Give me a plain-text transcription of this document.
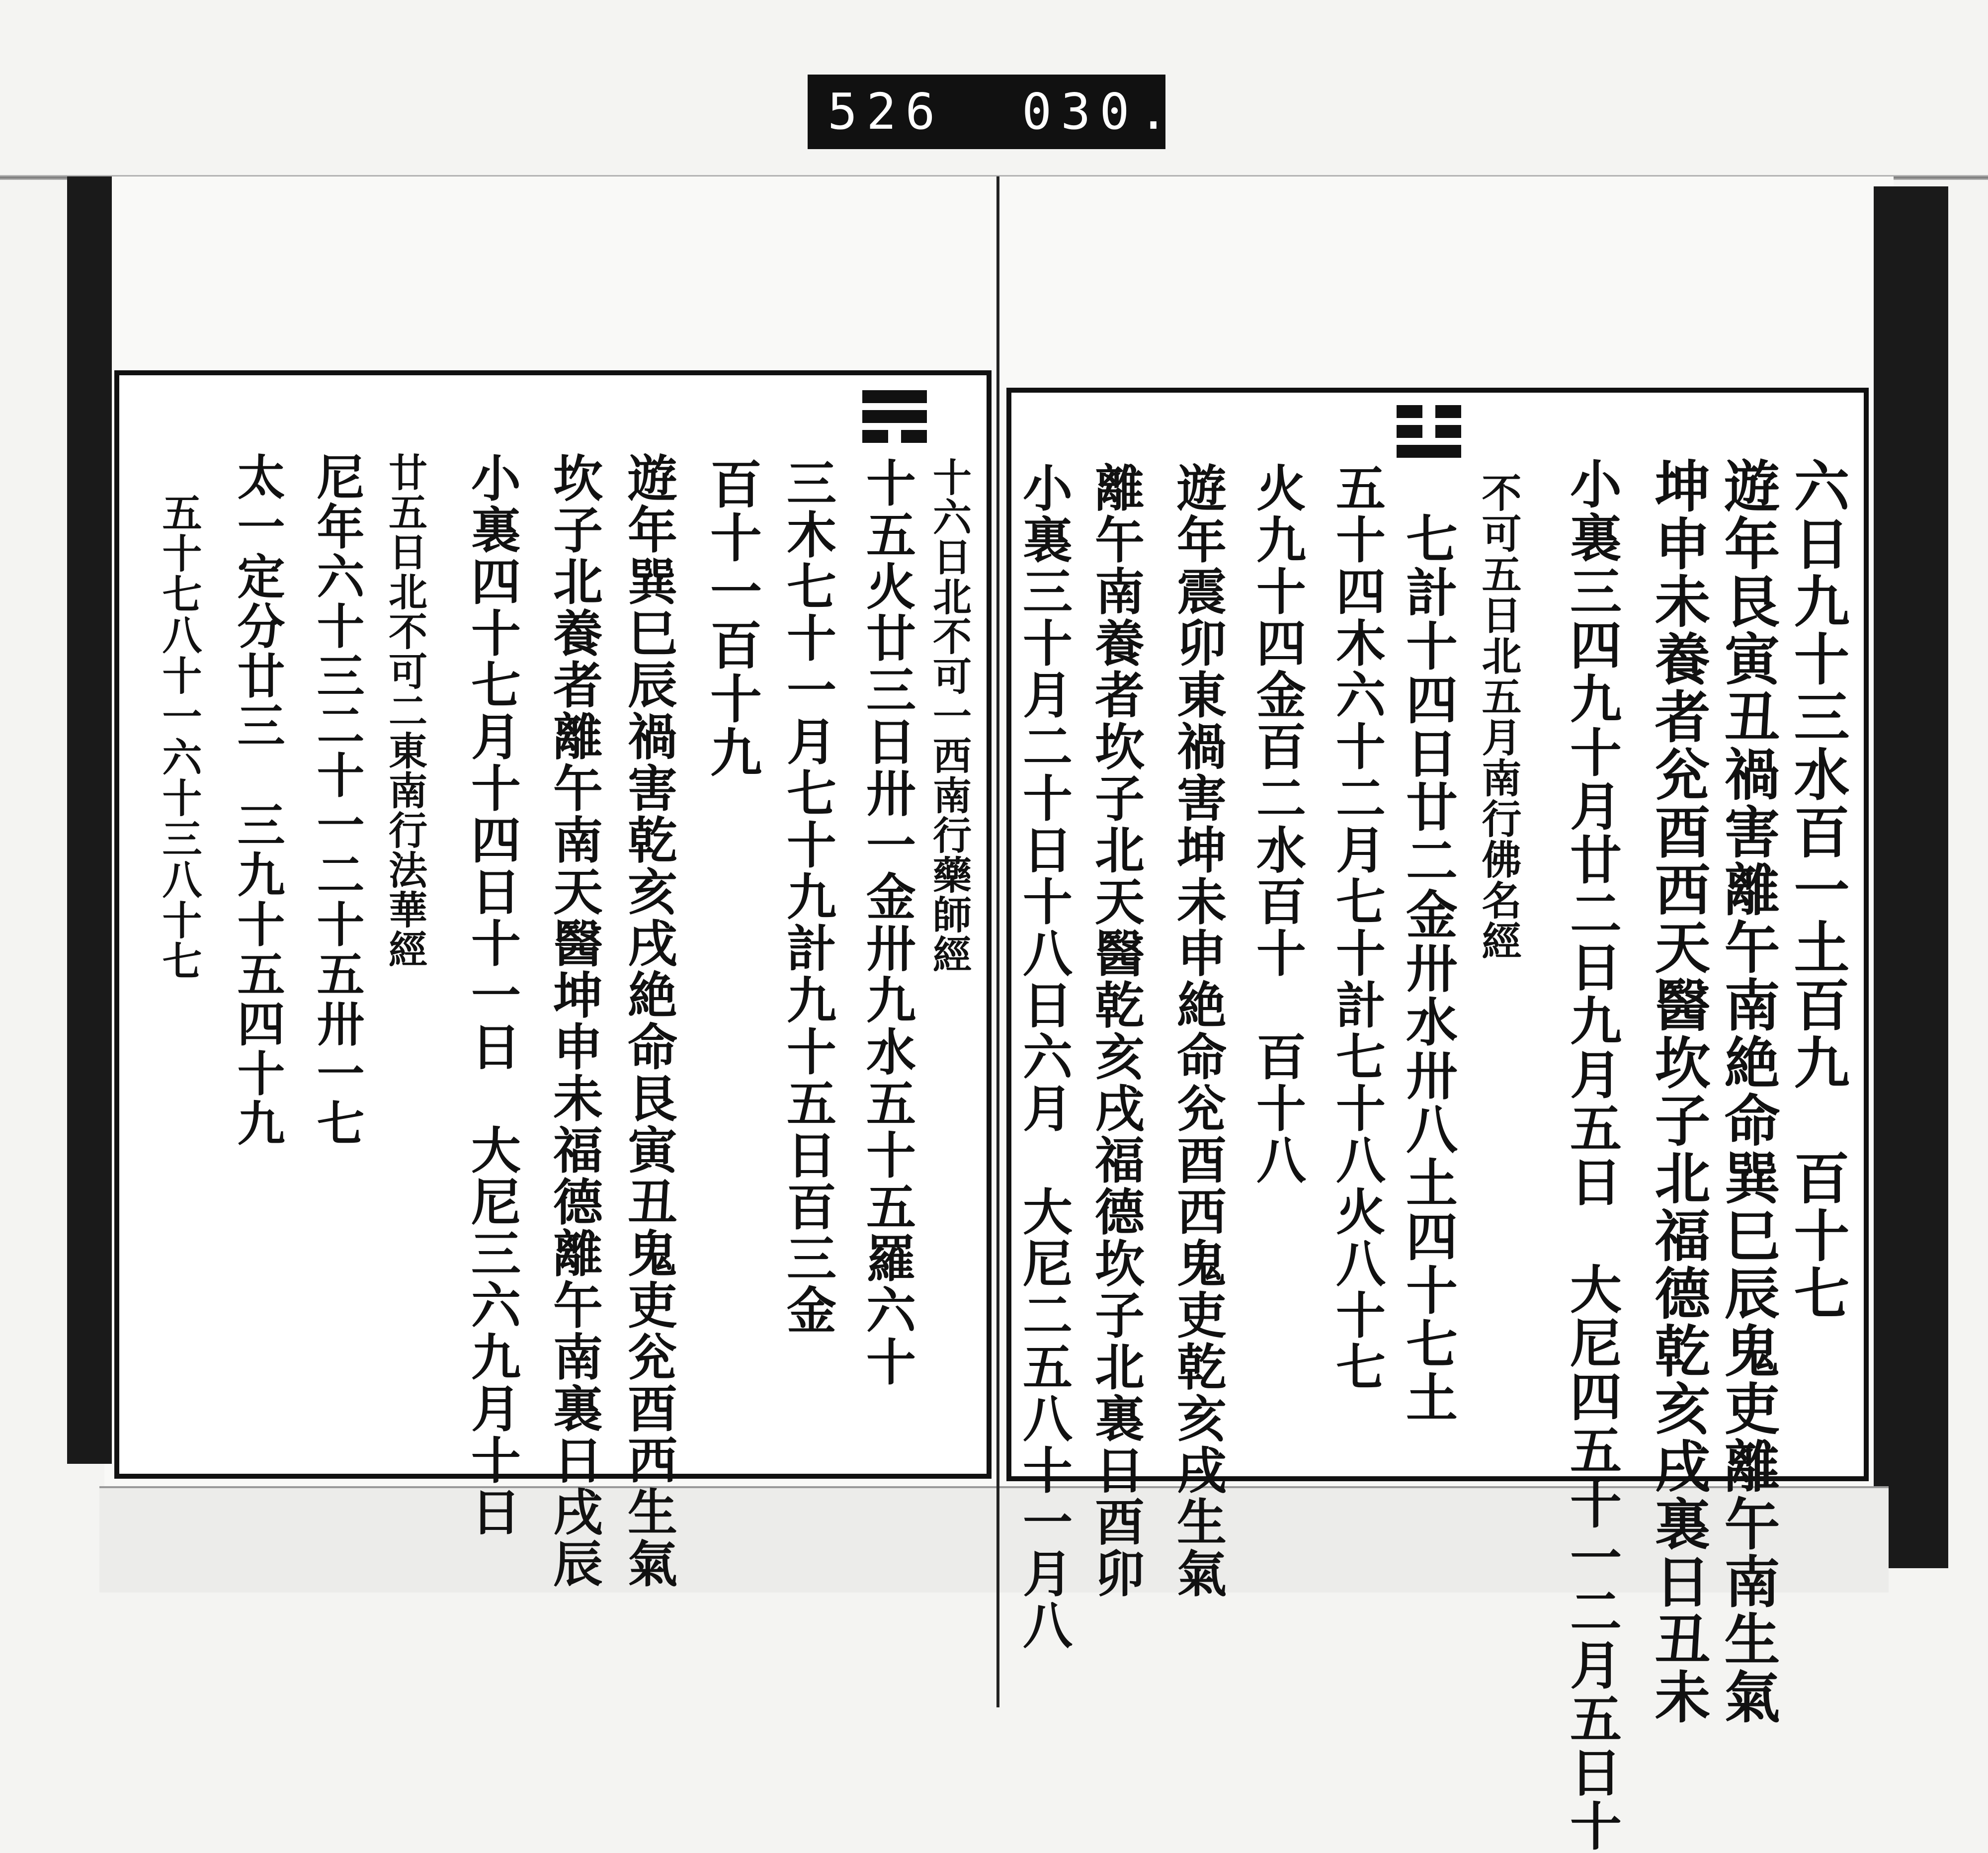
526  030.
六日九十三水百一土百九　百十七
遊年艮寅丑禍害離午南絶命巽巳辰鬼吏離午南生氣
坤申未養者兊酉西天醫坎子北福德乾亥戌裏日丑未
小裏三四九十月廿二日九月五日　大尼四五十一二月五日十
不可五日北五月南行佛名經
七計十四日廿二金卅水卅八土四十七土
五十四木六十二月七十計七十八火八十七
火九十四金百二水百十　百十八
遊年震卯東禍害坤未申絶命兊酉西鬼吏乾亥戌生氣
離午南養者坎子北天醫乾亥戌福德坎子北裏日酉卯
小裏三十月二十日十八日六月　大尼二五八十一月八
十六日北不可一西南行藥師經
十五火廿三日卅一金卅九水五十五羅六十
三木七十一月七十九計九十五日百三金
百十一百十九
遊年巽巳辰禍害乾亥戌絶命艮寅丑鬼吏兊酉西生氣
坎子北養者離午南天醫坤申未福德離午南裏日戌辰
小裏四十七月十四日十一日　大尼三六九月十日
廿五日北不可二東南行法華經
尼年六十三二十一二十五卅一七
太一定分廿三　三九十五四十九
五十七八十一六十三八十七
